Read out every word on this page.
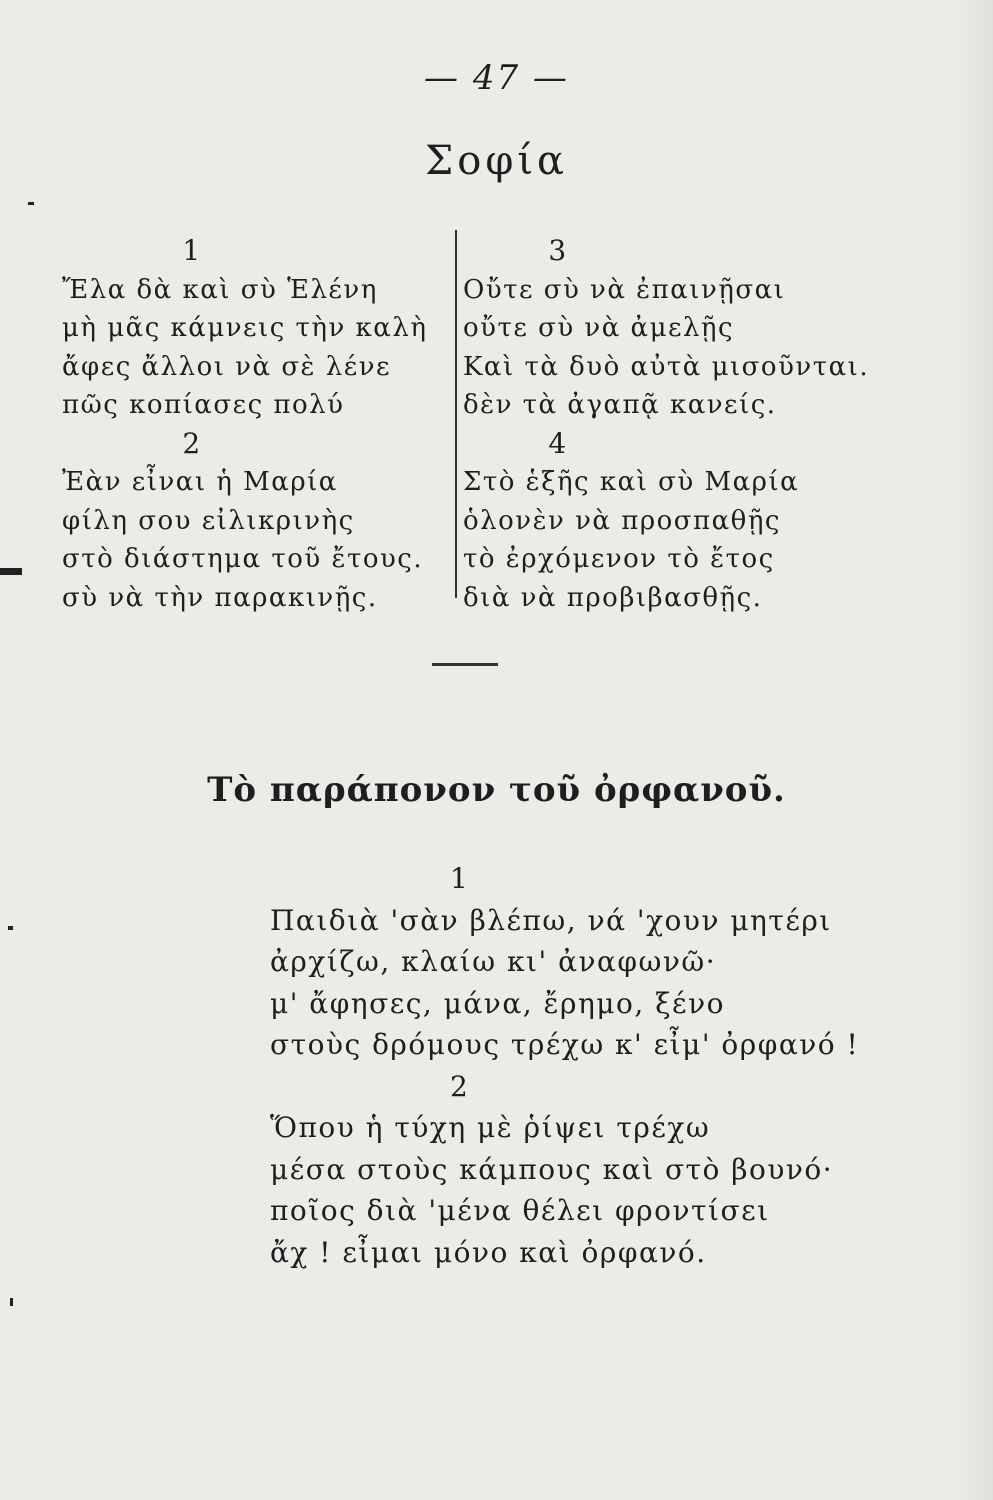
— 47 —
Σοφία
1
Ἔλα δὰ καὶ σὺ Ἑλένη
μὴ μᾶς κάμνεις τὴν καλὴ
ἄφες ἄλλοι νὰ σὲ λένε
πῶς κοπίασες πολύ
2
Ἐὰν εἶναι ἡ Μαρία
φίλη σου εἰλικρινὴς
στὸ διάστημα τοῦ ἔτους.
σὺ νὰ τὴν παρακινῇς.
3
Οὔτε σὺ νὰ ἐπαινῇσαι
οὔτε σὺ νὰ ἀμελῇς
Καὶ τὰ δυὸ αὐτὰ μισοῦνται.
δὲν τὰ ἀγαπᾷ κανείς.
4
Στὸ ἑξῆς καὶ σὺ Μαρία
ὁλονὲν νὰ προσπαθῇς
τὸ ἐρχόμενον τὸ ἔτος
διὰ νὰ προβιβασθῇς.
Τὸ παράπονον τοῦ ὀρφανοῦ.
1
Παιδιὰ 'σὰν βλέπω, νά 'χουν μητέρι
ἀρχίζω, κλαίω κι' ἀναφωνῶ·
μ' ἄφησες, μάνα, ἔρημο, ξένο
στοὺς δρόμους τρέχω κ' εἶμ' ὀρφανό !
2
Ὅπου ἡ τύχη μὲ ῥίψει τρέχω
μέσα στοὺς κάμπους καὶ στὸ βουνό·
ποῖος διὰ 'μένα θέλει φροντίσει
ἄχ ! εἶμαι μόνο καὶ ὀρφανό.
